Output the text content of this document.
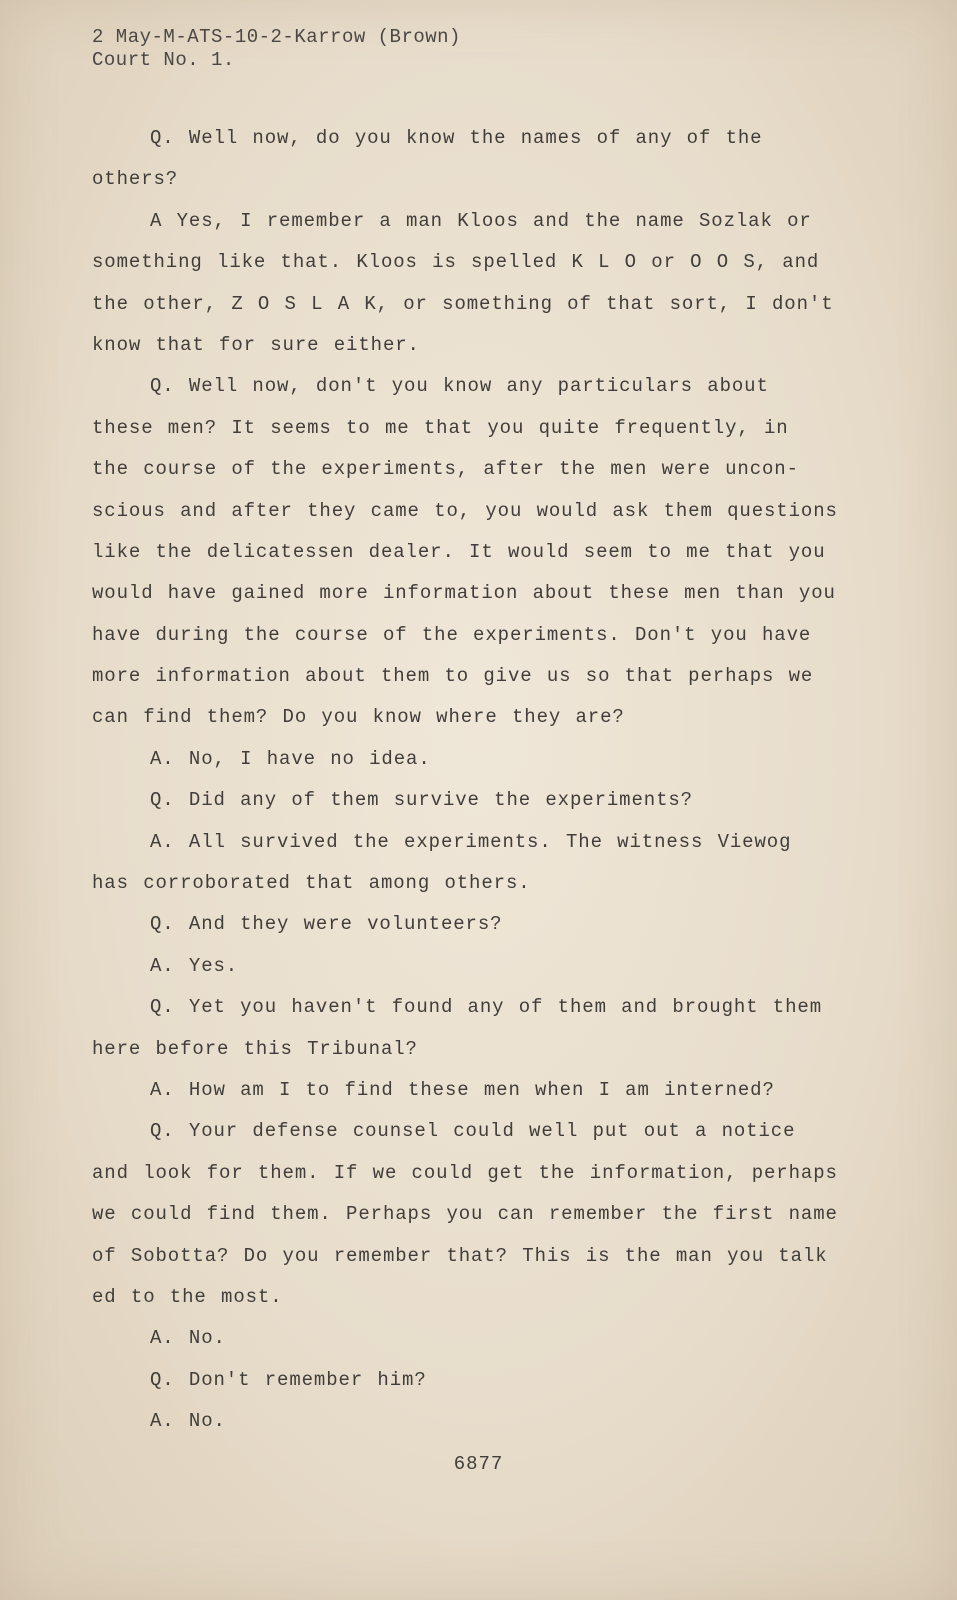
2 May-M-ATS-10-2-Karrow (Brown)
Court No. 1.
Q. Well now, do you know the names of any of the
others?
A Yes, I remember a man Kloos and the name Sozlak or
something like that. Kloos is spelled K L O or O O S, and
the other, Z O S L A K, or something of that sort, I don't
know that for sure either.
Q. Well now, don't you know any particulars about
these men? It seems to me that you quite frequently, in
the course of the experiments, after the men were uncon-
scious and after they came to, you would ask them questions
like the delicatessen dealer. It would seem to me that you
would have gained more information about these men than you
have during the course of the experiments. Don't you have
more information about them to give us so that perhaps we
can find them? Do you know where they are?
A. No, I have no idea.
Q. Did any of them survive the experiments?
A. All survived the experiments. The witness Viewog
has corroborated that among others.
Q. And they were volunteers?
A. Yes.
Q. Yet you haven't found any of them and brought them
here before this Tribunal?
A. How am I to find these men when I am interned?
Q. Your defense counsel could well put out a notice
and look for them. If we could get the information, perhaps
we could find them. Perhaps you can remember the first name
of Sobotta? Do you remember that? This is the man you talk
ed to the most.
A. No.
Q. Don't remember him?
A. No.
6877
